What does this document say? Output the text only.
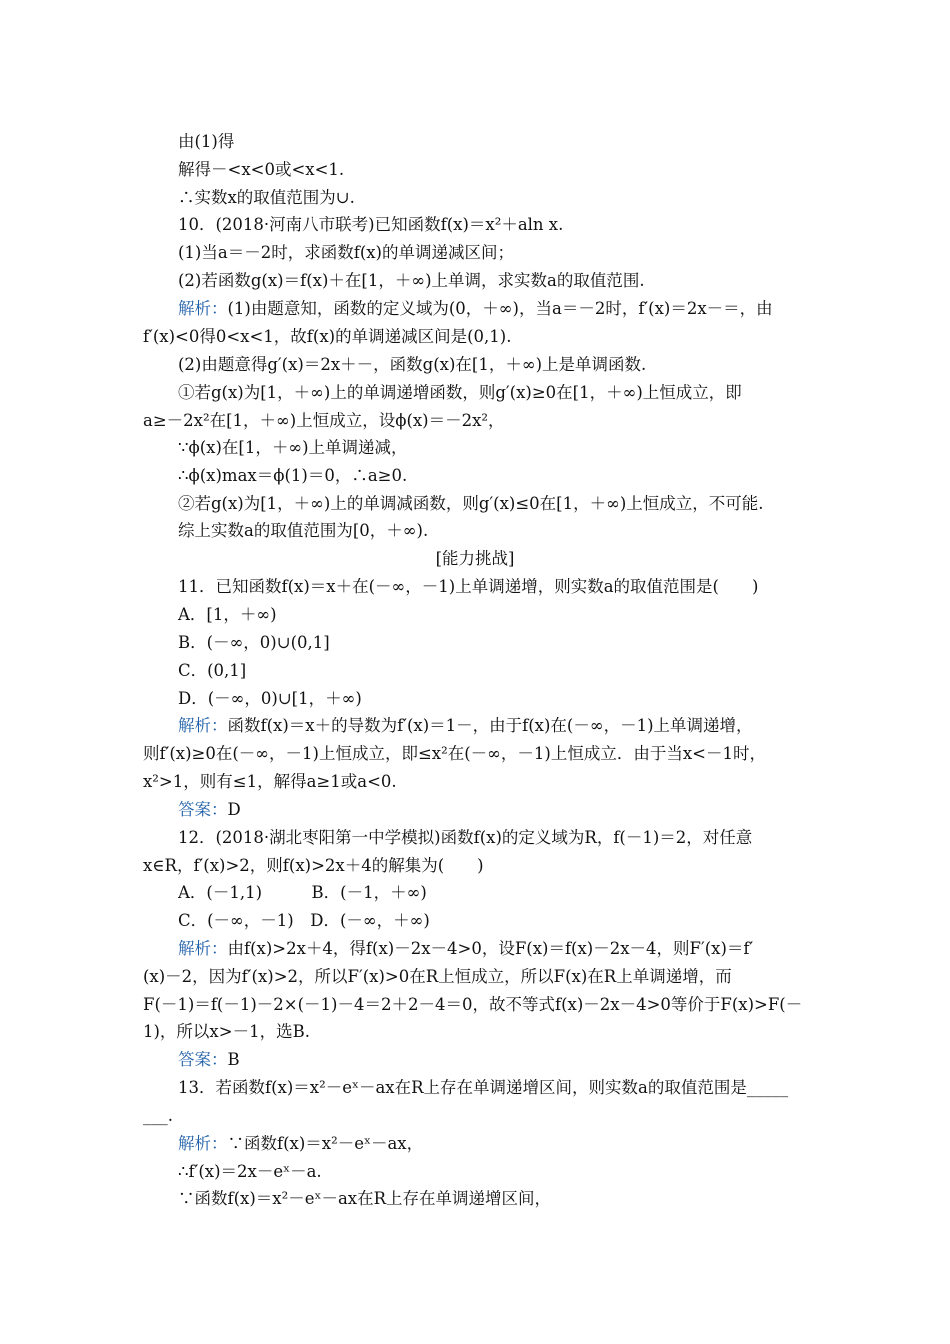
由(1)得
解得－<x<0或<x<1.
∴实数x的取值范围为∪.
10．(2018·河南八市联考)已知函数f(x)＝x²＋aln x.
(1)当a＝－2时，求函数f(x)的单调递减区间；
(2)若函数g(x)＝f(x)＋在[1，＋∞)上单调，求实数a的取值范围.
解析：(1)由题意知，函数的定义域为(0，＋∞)，当a＝－2时，f′(x)＝2x－＝，由
f′(x)<0得0<x<1，故f(x)的单调递减区间是(0,1).
(2)由题意得g′(x)＝2x＋－，函数g(x)在[1，＋∞)上是单调函数.
①若g(x)为[1，＋∞)上的单调递增函数，则g′(x)≥0在[1，＋∞)上恒成立，即
a≥－2x²在[1，＋∞)上恒成立，设ϕ(x)＝－2x²，
∵ϕ(x)在[1，＋∞)上单调递减，
∴ϕ(x)max＝ϕ(1)＝0，∴a≥0.
②若g(x)为[1，＋∞)上的单调减函数，则g′(x)≤0在[1，＋∞)上恒成立，不可能.
综上实数a的取值范围为[0，＋∞).
[能力挑战]
11．已知函数f(x)＝x＋在(－∞，－1)上单调递增，则实数a的取值范围是(　　)
A．[1，＋∞)
B．(－∞，0)∪(0,1]
C．(0,1]
D．(－∞，0)∪[1，＋∞)
解析：函数f(x)＝x＋的导数为f′(x)＝1－，由于f(x)在(－∞，－1)上单调递增，
则f′(x)≥0在(－∞，－1)上恒成立，即≤x²在(－∞，－1)上恒成立．由于当x<－1时，
x²>1，则有≤1，解得a≥1或a<0.
答案：D
12．(2018·湖北枣阳第一中学模拟)函数f(x)的定义域为R，f(－1)＝2，对任意
x∈R，f′(x)>2，则f(x)>2x＋4的解集为(　　)
A．(－1,1)　　　B．(－1，＋∞)
C．(－∞，－1)　D．(－∞，＋∞)
解析：由f(x)>2x＋4，得f(x)－2x－4>0，设F(x)＝f(x)－2x－4，则F′(x)＝f′
(x)－2，因为f′(x)>2，所以F′(x)>0在R上恒成立，所以F(x)在R上单调递增，而
F(－1)＝f(－1)－2×(－1)－4＝2＋2－4＝0，故不等式f(x)－2x－4>0等价于F(x)>F(－
1)，所以x>－1，选B.
答案：B
13．若函数f(x)＝x²－eˣ－ax在R上存在单调递增区间，则实数a的取值范围是_____
___.
解析：∵函数f(x)＝x²－eˣ－ax，
∴f′(x)＝2x－eˣ－a.
∵函数f(x)＝x²－eˣ－ax在R上存在单调递增区间，
